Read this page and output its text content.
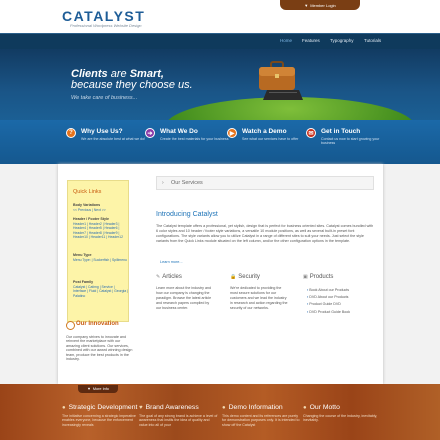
CATALYST
Professional Wordpress Website Design
▼ Member Login
Home Features Typography Tutorials
Clients are Smart,
because they choose us.
We take care of business...
?	Why Use Us?
We are the absolute best at what we do!
➔	What We Do
Create the best materials for your business
▶	Watch a Demo
See what our services have to offer
✉	Get in Touch
Contact us now to start growing your business
Quick Links
Body Variations
<< Previous | Next >>
Header / Footer Style
Header1 | Header2 | Header3 | Header4 | Header5 | Header6 | Header7 | Header8 | Header9 | Header10 | Header11 | Header12
Menu Type
Menu Type: | Suckerfish | Spillmenu
Post Family
Catalyst | Catimg | Service | Interface | Fluid | Catalyst | Georgia | Palatino
Our Innovation
Our company strives to innovate and reinvent the marketplace with our amazing client solutions. Our services, combined with our award winning design team, produce the best products in the industry.
› Our Services
Introducing Catalyst
The Catalyst template offers a professional, yet stylish, design that is perfect for business oriented sites. Catalyst comes bundled with 6 color styles and 10 header / footer style variations, a versatile 10 module positions, as well as several built-in preset font configurations. The style variants allow you to utilize Catalyst in a range of different sites to suit your needs. Just select the style variants from the Quick Links module situated on the left column, and/or the other configuration options in the template.
Learn more...
✎ Articles
Learn more about the industry and how our company is changing the paradigm. Browse the latest article and research papers compiled by our business center.
🔒 Security
We're dedicated to providing the most secure solutions for our customers and we lead the industry in research and action regarding the security of our networks.
▣ Products
▪ Book About our Products
▪ DVD About our Products
▪ Product Guide DVD
▪ DVD Product Guide Book
▼ More Info
● Strategic Development
The initiative concerning a strategic imperative enables everyone, because the enforcement increasingly reveals
♥ Brand Awareness
The goal of any strong brand is achieve a level of awareness that instils the idea of quality and value into all of your
● Demo Information
This demo content and its references are purely for demonstration purposes only. It is intended to show off the Catalyst
● Our Motto
Changing the course of the industry, inevitably, inevitably.
